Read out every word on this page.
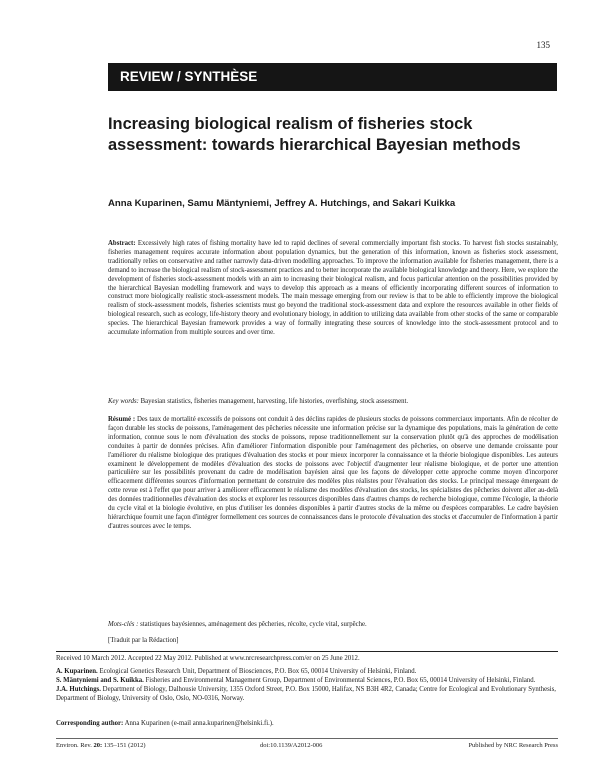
135
REVIEW / SYNTHÈSE
Increasing biological realism of fisheries stock assessment: towards hierarchical Bayesian methods

Anna Kuparinen, Samu Mäntyniemi, Jeffrey A. Hutchings, and Sakari Kuikka

Abstract: Excessively high rates of fishing mortality have led to rapid declines of several commercially important fish stocks. To harvest fish stocks sustainably, fisheries management requires accurate information about population dynamics, but the generation of this information, known as fisheries stock assessment, traditionally relies on conservative and rather narrowly data-driven modelling approaches. To improve the information available for fisheries management, there is a demand to increase the biological realism of stock-assessment practices and to better incorporate the available biological knowledge and theory. Here, we explore the development of fisheries stock-assessment models with an aim to increasing their biological realism, and focus particular attention on the possibilities provided by the hierarchical Bayesian modelling framework and ways to develop this approach as a means of efficiently incorporating different sources of information to construct more biologically realistic stock-assessment models. The main message emerging from our review is that to be able to efficiently improve the biological realism of stock-assessment models, fisheries scientists must go beyond the traditional stock-assessment data and explore the resources available in other fields of biological research, such as ecology, life-history theory and evolutionary biology, in addition to utilizing data available from other stocks of the same or comparable species. The hierarchical Bayesian framework provides a way of formally integrating these sources of knowledge into the stock-assessment protocol and to accumulate information from multiple sources and over time.

Key words: Bayesian statistics, fisheries management, harvesting, life histories, overfishing, stock assessment.

Résumé : Des taux de mortalité excessifs de poissons ont conduit à des déclins rapides de plusieurs stocks de poissons commerciaux importants. Afin de récolter de façon durable les stocks de poissons, l'aménagement des pêcheries nécessite une information précise sur la dynamique des populations, mais la génération de cette information, connue sous le nom d'évaluation des stocks de poissons, repose traditionnellement sur la conservation plutôt qu'à des approches de modélisation conduites à partir de données précises. Afin d'améliorer l'information disponible pour l'aménagement des pêcheries, on observe une demande croissante pour l'améliorer du réalisme biologique des pratiques d'évaluation des stocks et pour mieux incorporer la connaissance et la théorie biologique disponibles. Les auteurs examinent le développement de modèles d'évaluation des stocks de poissons avec l'objectif d'augmenter leur réalisme biologique, et de porter une attention particulière sur les possibilités provenant du cadre de modélisation bayésien ainsi que les façons de développer cette approche comme moyen d'incorporer efficacement différentes sources d'information permettant de construire des modèles plus réalistes pour l'évaluation des stocks. Le principal message émergeant de cette revue est à l'effet que pour arriver à améliorer efficacement le réalisme des modèles d'évaluation des stocks, les spécialistes des pêcheries doivent aller au-delà des données traditionnelles d'évaluation des stocks et explorer les ressources disponibles dans d'autres champs de recherche biologique, comme l'écologie, la théorie du cycle vital et la biologie évolutive, en plus d'utiliser les données disponibles à partir d'autres stocks de la même ou d'espèces comparables. Le cadre bayésien hiérarchique fournit une façon d'intégrer formellement ces sources de connaissances dans le protocole d'évaluation des stocks et d'accumuler de l'information à partir d'autres sources avec le temps.

Mots-clés : statistiques bayésiennes, aménagement des pêcheries, récolte, cycle vital, surpêche.

[Traduit par la Rédaction]

Received 10 March 2012. Accepted 22 May 2012. Published at www.nrcresearchpress.com/er on 25 June 2012.

A. Kuparinen. Ecological Genetics Research Unit, Department of Biosciences, P.O. Box 65, 00014 University of Helsinki, Finland.
S. Mäntyniemi and S. Kuikka. Fisheries and Environmental Management Group, Department of Environmental Sciences, P.O. Box 65, 00014 University of Helsinki, Finland.
J.A. Hutchings. Department of Biology, Dalhousie University, 1355 Oxford Street, P.O. Box 15000, Halifax, NS B3H 4R2, Canada; Centre for Ecological and Evolutionary Synthesis, Department of Biology, University of Oslo, Oslo, NO-0316, Norway.

Corresponding author: Anna Kuparinen (e-mail anna.kuparinen@helsinki.fi.).

Environ. Rev. 20: 135–151 (2012)	doi:10.1139/A2012-006	Published by NRC Research Press
